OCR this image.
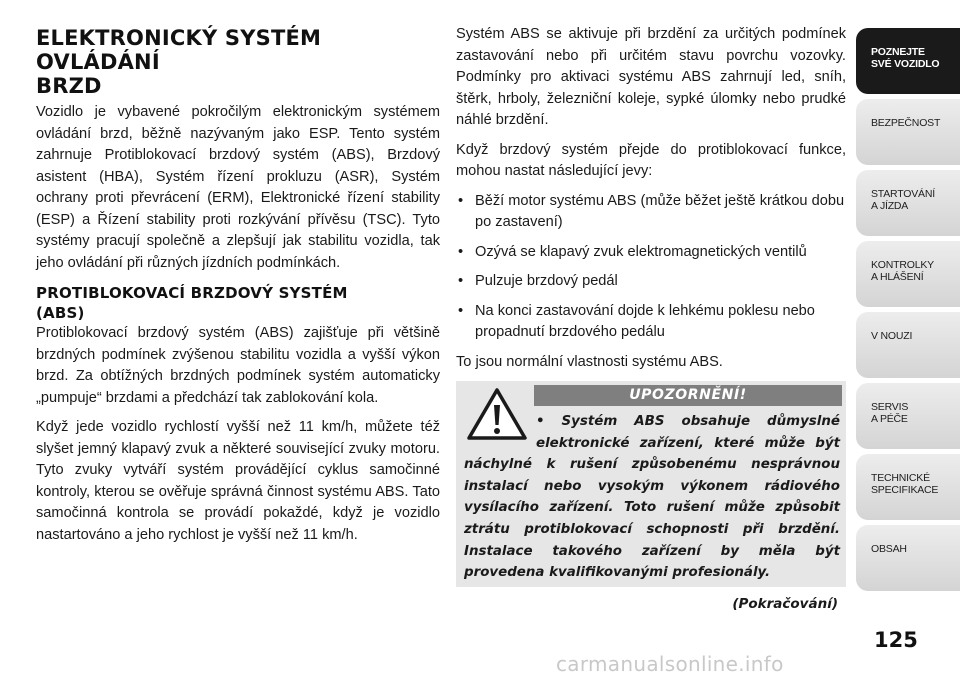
ELEKTRONICKÝ SYSTÉM OVLÁDÁNÍ
BRZD

Vozidlo je vybavené pokročilým elektronickým systémem ovládání brzd, běžně nazývaným jako ESP. Tento systém zahrnuje Protiblokovací brzdový systém (ABS), Brzdový asistent (HBA), Systém řízení prokluzu (ASR), Systém ochrany proti převrácení (ERM), Elektronické řízení stability (ESP) a Řízení stability proti rozkývání přívěsu (TSC). Tyto systémy pracují společně a zlepšují jak stabilitu vozidla, tak jeho ovládání při různých jízdních podmínkách.

PROTIBLOKOVACÍ BRZDOVÝ SYSTÉM
(ABS)

Protiblokovací brzdový systém (ABS) zajišťuje při většině brzdných podmínek zvýšenou stabilitu vozidla a vyšší výkon brzd. Za obtížných brzdných podmínek systém automaticky „pumpuje“ brzdami a předchází tak zablokování kola.

Když jede vozidlo rychlostí vyšší než 11 km/h, můžete též slyšet jemný klapavý zvuk a některé související zvuky motoru. Tyto zvuky vytváří systém provádějící cyklus samočinné kontroly, kterou se ověřuje správná činnost systému ABS. Tato samočinná kontrola se provádí pokaždé, když je vozidlo nastartováno a jeho rychlost je vyšší než 11 km/h.

Systém ABS se aktivuje při brzdění za určitých podmínek zastavování nebo při určitém stavu povrchu vozovky. Podmínky pro aktivaci systému ABS zahrnují led, sníh, štěrk, hrboly, železniční koleje, sypké úlomky nebo prudké náhlé brzdění.

Když brzdový systém přejde do protiblokovací funkce, mohou nastat následující jevy:

• Běží motor systému ABS (může běžet ještě krátkou dobu po zastavení)
• Ozývá se klapavý zvuk elektromagnetických ventilů
• Pulzuje brzdový pedál
• Na konci zastavování dojde k lehkému poklesu nebo propadnutí brzdového pedálu

To jsou normální vlastnosti systému ABS.

UPOZORNĚNÍ!
• Systém ABS obsahuje důmyslné elektronické zařízení, které může být náchylné k rušení způsobenému nesprávnou instalací nebo vysokým výkonem rádiového vysílacího zařízení. Toto rušení může způsobit ztrátu protiblokovací schopnosti při brzdění. Instalace takového zařízení by měla být provedena kvalifikovanými profesionály.
(Pokračování)
POZNEJTE
SVÉ VOZIDLO
BEZPEČNOST
STARTOVÁNÍ
A JÍZDA
KONTROLKY
A HLÁŠENÍ
V NOUZI
SERVIS
A PÉČE
TECHNICKÉ
SPECIFIKACE
OBSAH
125
carmanualsonline.info
